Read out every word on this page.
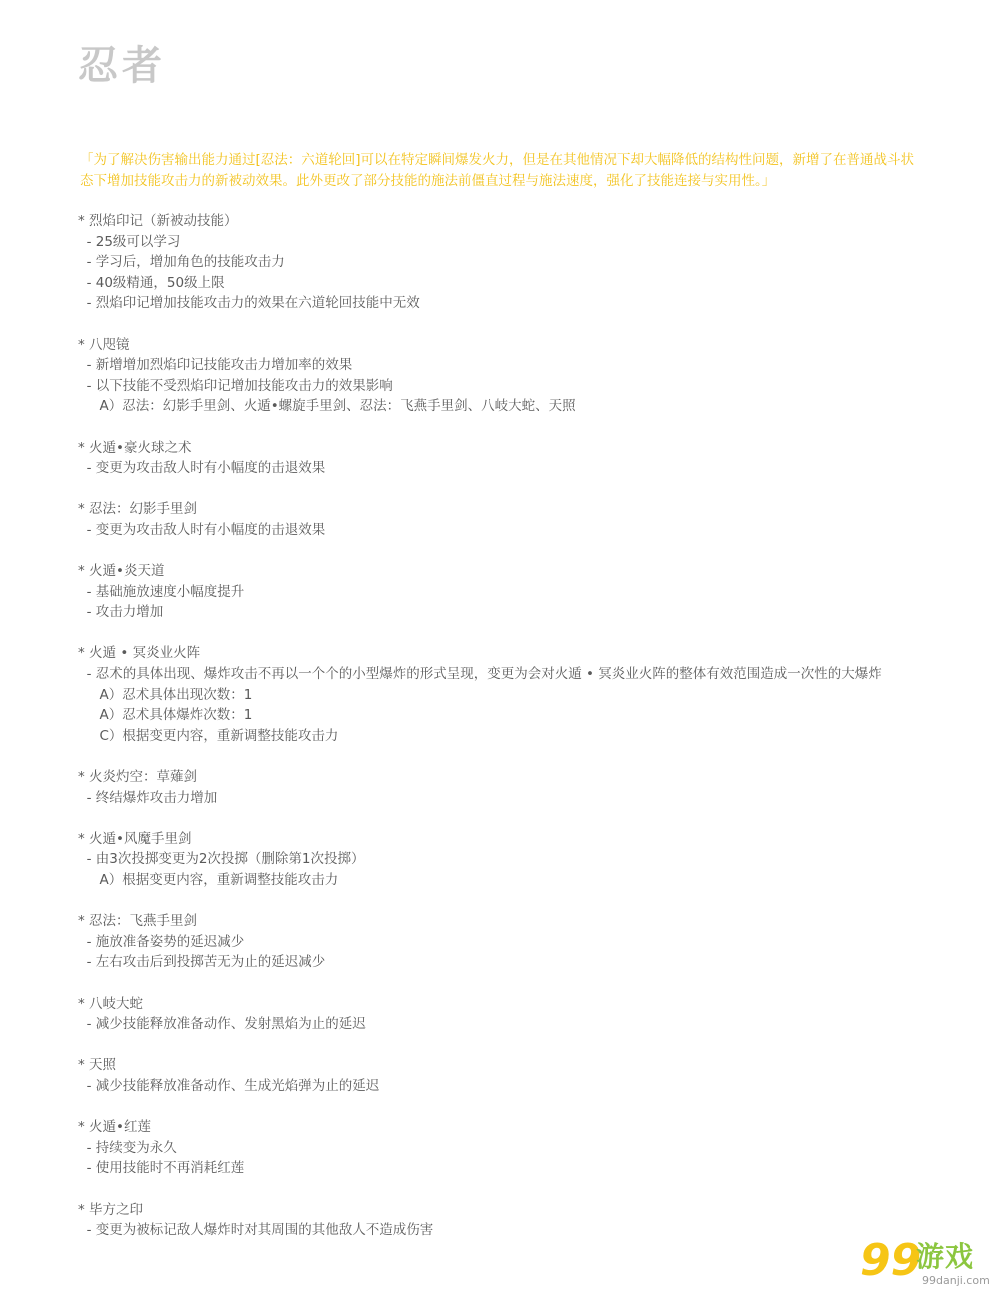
忍者
「为了解决伤害输出能力通过[忍法：六道轮回]可以在特定瞬间爆发火力，但是在其他情况下却大幅降低的结构性问题，新增了在普通战斗状态下增加技能攻击力的新被动效果。此外更改了部分技能的施法前僵直过程与施法速度，强化了技能连接与实用性。」
* 烈焰印记（新被动技能）
- 25级可以学习
- 学习后，增加角色的技能攻击力
- 40级精通，50级上限
- 烈焰印记增加技能攻击力的效果在六道轮回技能中无效
* 八咫镜
- 新增增加烈焰印记技能攻击力增加率的效果
- 以下技能不受烈焰印记增加技能攻击力的效果影响
A）忍法：幻影手里剑、火遁•螺旋手里剑、忍法：飞燕手里剑、八岐大蛇、天照
* 火遁•豪火球之术
- 变更为攻击敌人时有小幅度的击退效果
* 忍法：幻影手里剑
- 变更为攻击敌人时有小幅度的击退效果
* 火遁•炎天道
- 基础施放速度小幅度提升
- 攻击力增加
* 火遁 • 冥炎业火阵
- 忍术的具体出现、爆炸攻击不再以一个个的小型爆炸的形式呈现，变更为会对火遁 • 冥炎业火阵的整体有效范围造成一次性的大爆炸
A）忍术具体出现次数：1
A）忍术具体爆炸次数：1
C）根据变更内容，重新调整技能攻击力
* 火炎灼空：草薙剑
- 终结爆炸攻击力增加
* 火遁•风魔手里剑
- 由3次投掷变更为2次投掷（删除第1次投掷）
A）根据变更内容，重新调整技能攻击力
* 忍法：飞燕手里剑
- 施放准备姿势的延迟减少
- 左右攻击后到投掷苦无为止的延迟减少
* 八岐大蛇
- 减少技能释放准备动作、发射黑焰为止的延迟
* 天照
- 减少技能释放准备动作、生成光焰弹为止的延迟
* 火遁•红莲
- 持续变为永久
- 使用技能时不再消耗红莲
* 毕方之印
- 变更为被标记敌人爆炸时对其周围的其他敌人不造成伤害
99
游戏
99danji.com
